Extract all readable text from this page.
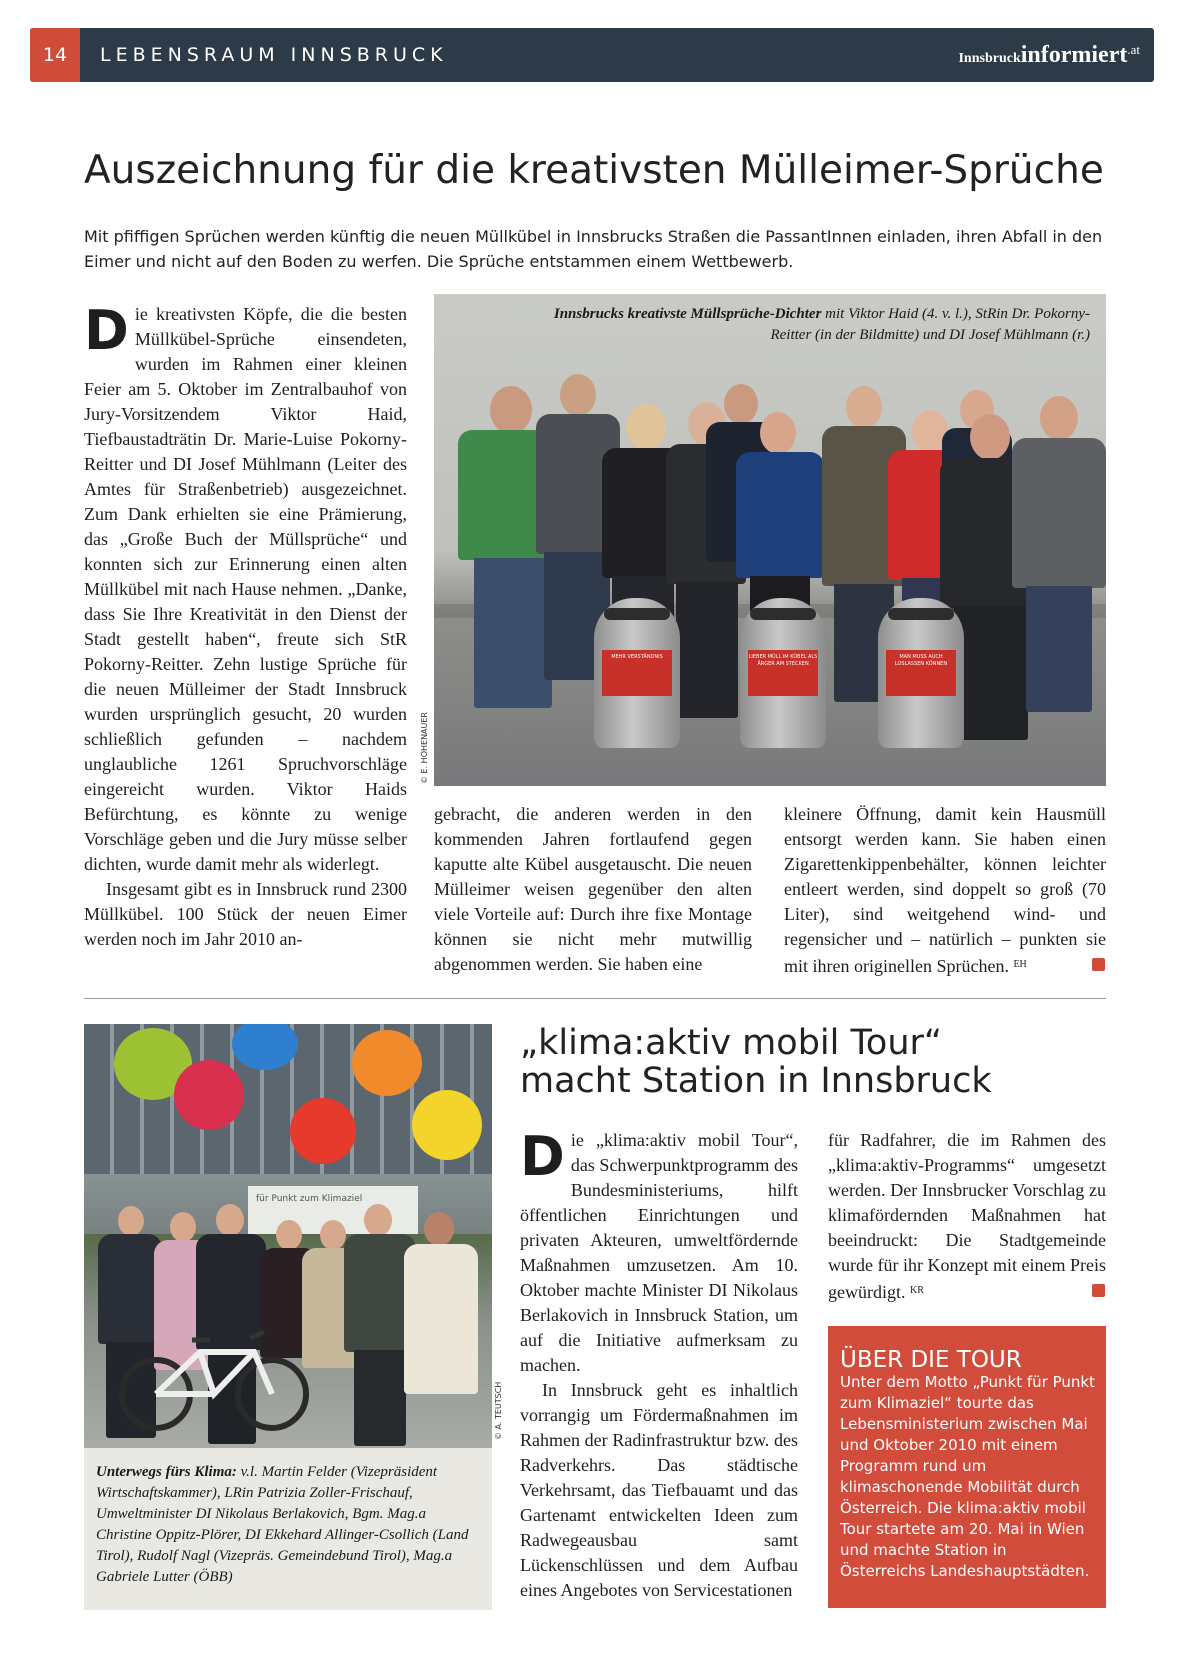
14	LEBENSRAUM INNSBRUCK	Innsbruckinformiert$^{.at}$
Auszeichnung für die kreativsten Mülleimer-Sprüche

Mit pfiffigen Sprüchen werden künftig die neuen Müllkübel in Innsbrucks Straßen die PassantInnen einladen, ihren Abfall in den Eimer und nicht auf den Boden zu werfen. Die Sprüche entstammen einem Wettbewerb.

Die kreativsten Köpfe, die die besten Müllkübel-Sprüche einsendeten, wurden im Rahmen einer kleinen Feier am 5. Oktober im Zentralbauhof von Jury-Vorsitzendem Viktor Haid, Tiefbaustadträtin Dr. Marie-Luise Pokorny-Reitter und DI Josef Mühlmann (Leiter des Amtes für Straßenbetrieb) ausgezeichnet. Zum Dank erhielten sie eine Prämierung, das „Große Buch der Müllsprüche“ und konnten sich zur Erinnerung einen alten Müllkübel mit nach Hause nehmen. „Danke, dass Sie Ihre Kreativität in den Dienst der Stadt gestellt haben“, freute sich StR Pokorny-Reitter. Zehn lustige Sprüche für die neuen Mülleimer der Stadt Innsbruck wurden ursprünglich gesucht, 20 wurden schließlich gefunden – nachdem unglaubliche 1261 Spruchvorschläge eingereicht wurden. Viktor Haids Befürchtung, es könnte zu wenige Vorschläge geben und die Jury müsse selber dichten, wurde damit mehr als widerlegt.

Insgesamt gibt es in Innsbruck rund 2300 Müllkübel. 100 Stück der neuen Eimer werden noch im Jahr 2010 an-

Innsbrucks kreativste Müllsprüche-Dichter mit Viktor Haid (4. v. l.), StRin Dr. Pokorny-Reitter (in der Bildmitte) und DI Josef Mühlmann (r.)

MEHR VERSTÄNDNIS	LIEBER MÜLL IM KÜBEL ALS ÄRGER AM STECKEN
MAN MUSS AUCH LOSLASSEN KÖNNEN
© E. HOHENAUER
gebracht, die anderen werden in den kommenden Jahren fortlaufend gegen kaputte alte Kübel ausgetauscht. Die neuen Mülleimer weisen gegenüber den alten viele Vorteile auf: Durch ihre fixe Montage können sie nicht mehr mutwillig abgenommen werden. Sie haben eine
kleinere Öffnung, damit kein Hausmüll entsorgt werden kann. Sie haben einen Zigarettenkippenbehälter, können leichter entleert werden, sind doppelt so groß (70 Liter), sind weitgehend wind- und regensicher und – natürlich – punkten sie mit ihren originellen Sprüchen. $^{EH}$
für Punkt zum Klimaziel
© A. TEUTSCH

Unterwegs fürs Klima: v.l. Martin Felder (Vizepräsident Wirtschaftskammer), LRin Patrizia Zoller-Frischauf, Umweltminister DI Nikolaus Berlakovich, Bgm. Mag.a Christine Oppitz-Plörer, DI Ekkehard Allinger-Csollich (Land Tirol), Rudolf Nagl (Vizepräs. Gemeindebund Tirol), Mag.a Gabriele Lutter (ÖBB)

„klima:aktiv mobil Tour“
macht Station in Innsbruck

Die „klima:aktiv mobil Tour“, das Schwerpunktprogramm des Bundesministeriums, hilft öffentlichen Einrichtungen und privaten Akteuren, umweltfördernde Maßnahmen umzusetzen. Am 10. Oktober machte Minister DI Nikolaus Berlakovich in Innsbruck Station, um auf die Initiative aufmerksam zu machen.

In Innsbruck geht es inhaltlich vorrangig um Fördermaßnahmen im Rahmen der Radinfrastruktur bzw. des Radverkehrs. Das städtische Verkehrsamt, das Tiefbauamt und das Gartenamt entwickelten Ideen zum Radwegeausbau samt Lückenschlüssen und dem Aufbau eines Angebotes von Servicestationen

für Radfahrer, die im Rahmen des „klima:aktiv-Programms“ umgesetzt werden. Der Innsbrucker Vorschlag zu klimafördernden Maßnahmen hat beeindruckt: Die Stadtgemeinde wurde für ihr Konzept mit einem Preis gewürdigt. $^{KR}$

ÜBER DIE TOUR

Unter dem Motto „Punkt für Punkt zum Klimaziel“ tourte das Lebensministerium zwischen Mai und Oktober 2010 mit einem Programm rund um klimaschonende Mobilität durch Österreich. Die klima:aktiv mobil Tour startete am 20. Mai in Wien und machte Station in Österreichs Landeshauptstädten.
